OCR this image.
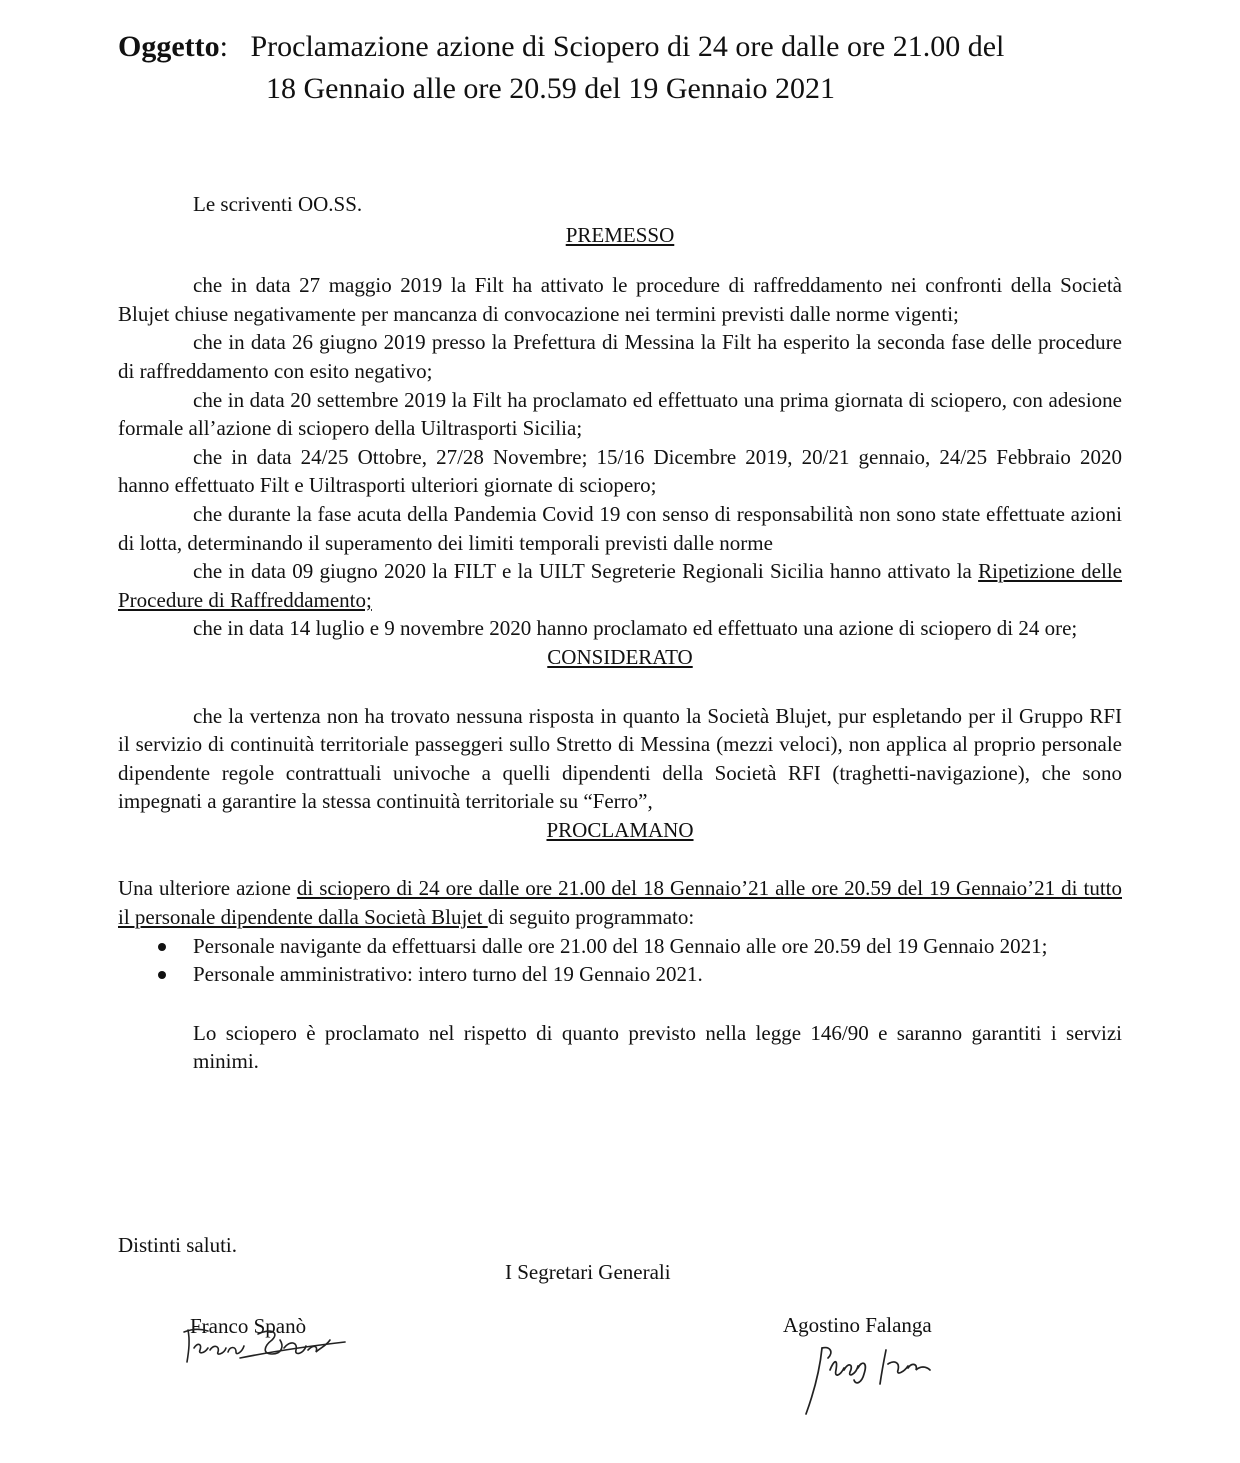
Oggetto: Proclamazione azione di Sciopero di 24 ore dalle ore 21.00 del
18 Gennaio alle ore 20.59 del 19 Gennaio 2021

Le scriventi OO.SS.

PREMESSO

che in data 27 maggio 2019 la Filt ha attivato le procedure di raffreddamento nei confronti della Società Blujet chiuse negativamente per mancanza di convocazione nei termini previsti dalle norme vigenti;

che in data 26 giugno 2019 presso la Prefettura di Messina la Filt ha esperito la seconda fase delle procedure di raffreddamento con esito negativo;

che in data 20 settembre 2019 la Filt ha proclamato ed effettuato una prima giornata di sciopero, con adesione formale all’azione di sciopero della Uiltrasporti Sicilia;

che in data 24/25 Ottobre, 27/28 Novembre; 15/16 Dicembre 2019, 20/21 gennaio, 24/25 Febbraio 2020 hanno effettuato Filt e Uiltrasporti ulteriori giornate di sciopero;

che durante la fase acuta della Pandemia Covid 19 con senso di responsabilità non sono state effettuate azioni di lotta, determinando il superamento dei limiti temporali previsti dalle norme

che in data 09 giugno 2020 la FILT e la UILT Segreterie Regionali Sicilia hanno attivato la Ripetizione delle Procedure di Raffreddamento;

che in data 14 luglio e 9 novembre 2020 hanno proclamato ed effettuato una azione di sciopero di 24 ore;

CONSIDERATO

che la vertenza non ha trovato nessuna risposta in quanto la Società Blujet, pur espletando per il Gruppo RFI il servizio di continuità territoriale passeggeri sullo Stretto di Messina (mezzi veloci), non applica al proprio personale dipendente regole contrattuali univoche a quelli dipendenti della Società RFI (traghetti-navigazione), che sono impegnati a garantire la stessa continuità territoriale su “Ferro”,

PROCLAMANO

Una ulteriore azione di sciopero di 24 ore dalle ore 21.00 del 18 Gennaio’21 alle ore 20.59 del 19 Gennaio’21 di tutto il personale dipendente dalla Società Blujet di seguito programmato:

Personale navigante da effettuarsi dalle ore 21.00 del 18 Gennaio alle ore 20.59 del 19 Gennaio 2021;
Personale amministrativo: intero turno del 19 Gennaio 2021.

Lo sciopero è proclamato nel rispetto di quanto previsto nella legge 146/90 e saranno garantiti i servizi minimi.

Distinti saluti.
I Segretari Generali
Franco Spanò	Agostino Falanga
